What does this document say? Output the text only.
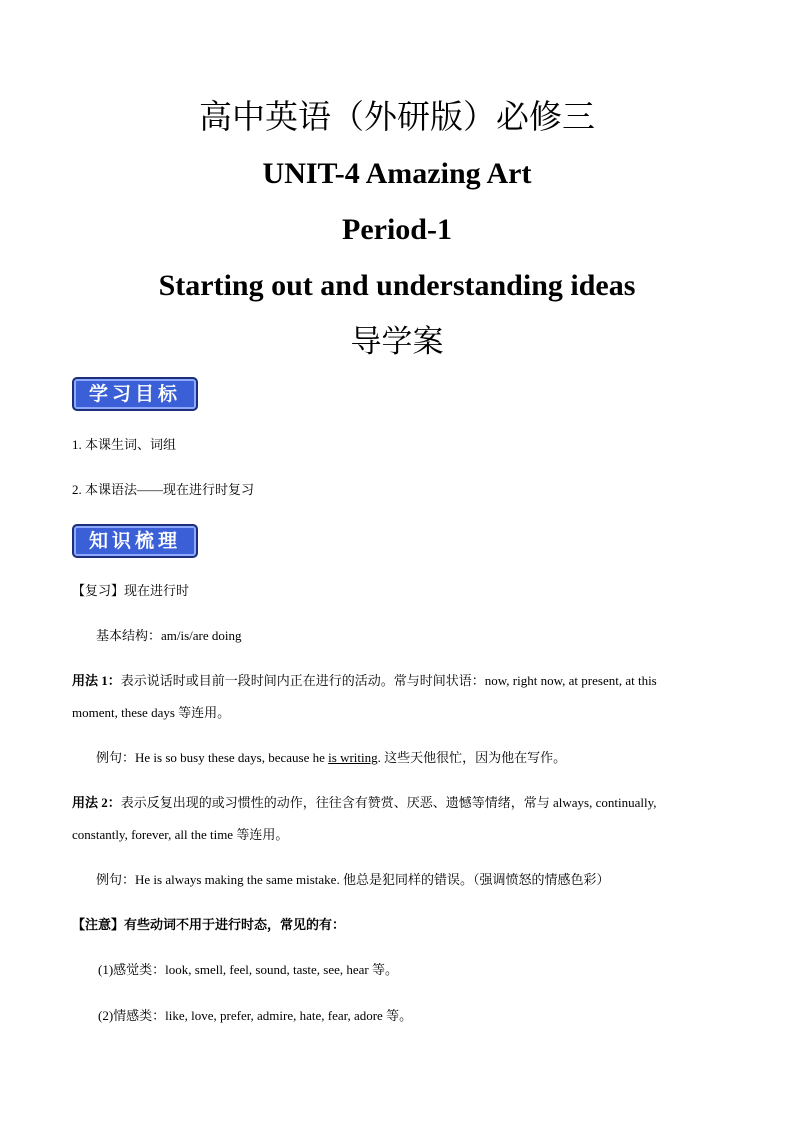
高中英语（外研版）必修三
UNIT-4 Amazing Art
Period-1
Starting out and understanding ideas
导学案
学习目标
1. 本课生词、词组
2. 本课语法——现在进行时复习
知识梳理
【复习】现在进行时
基本结构：am/is/are doing
用法 1：表示说话时或目前一段时间内正在进行的活动。常与时间状语：now, right now, at present, at this
moment, these days 等连用。
例句：He is so busy these days, because he is writing. 这些天他很忙，因为他在写作。
用法 2：表示反复出现的或习惯性的动作，往往含有赞赏、厌恶、遗憾等情绪，常与 always, continually,
constantly, forever, all the time 等连用。
例句：He is always making the same mistake. 他总是犯同样的错误。（强调愤怒的情感色彩）
【注意】有些动词不用于进行时态，常见的有：
(1)感觉类：look, smell, feel, sound, taste, see, hear 等。
(2)情感类：like, love, prefer, admire, hate, fear, adore 等。
